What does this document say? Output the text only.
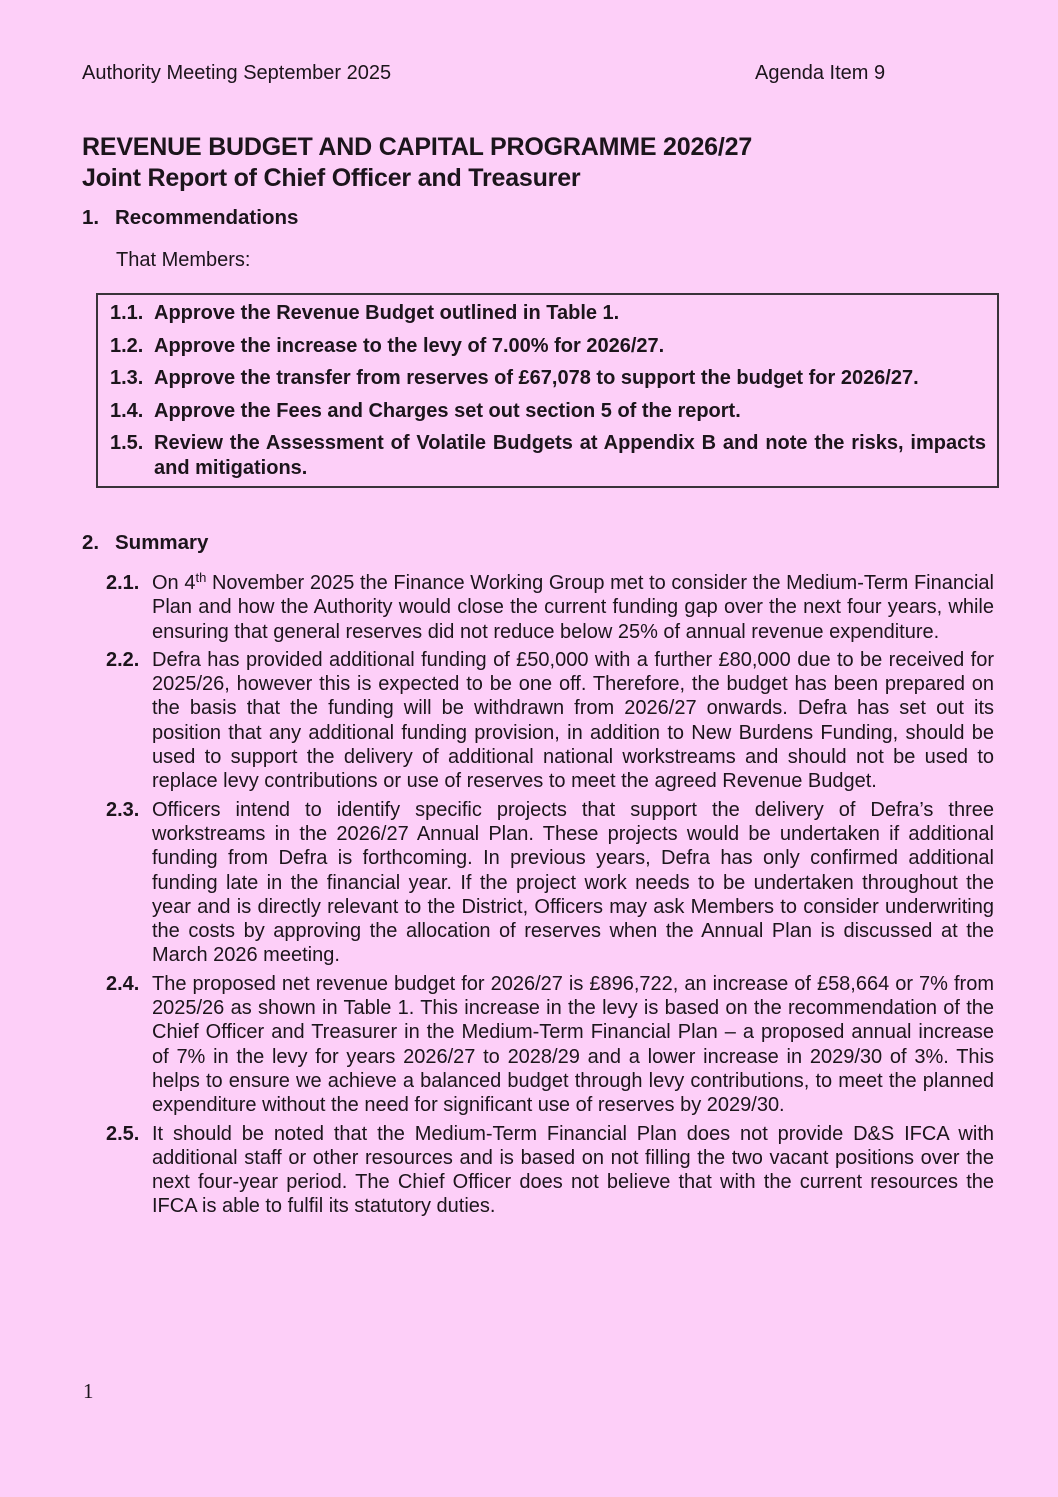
Authority Meeting September 2025	Agenda Item 9
REVENUE BUDGET AND CAPITAL PROGRAMME 2026/27
Joint Report of Chief Officer and Treasurer
1. Recommendations
That Members:
1.1. Approve the Revenue Budget outlined in Table 1.
1.2. Approve the increase to the levy of 7.00% for 2026/27.
1.3. Approve the transfer from reserves of £67,078 to support the budget for 2026/27.
1.4. Approve the Fees and Charges set out section 5 of the report.
1.5. Review the Assessment of Volatile Budgets at Appendix B and note the risks, impacts and mitigations.
2. Summary
2.1. On 4th November 2025 the Finance Working Group met to consider the Medium-Term Financial Plan and how the Authority would close the current funding gap over the next four years, while ensuring that general reserves did not reduce below 25% of annual revenue expenditure.
2.2. Defra has provided additional funding of £50,000 with a further £80,000 due to be received for 2025/26, however this is expected to be one off. Therefore, the budget has been prepared on the basis that the funding will be withdrawn from 2026/27 onwards. Defra has set out its position that any additional funding provision, in addition to New Burdens Funding, should be used to support the delivery of additional national workstreams and should not be used to replace levy contributions or use of reserves to meet the agreed Revenue Budget.
2.3. Officers intend to identify specific projects that support the delivery of Defra’s three workstreams in the 2026/27 Annual Plan. These projects would be undertaken if additional funding from Defra is forthcoming. In previous years, Defra has only confirmed additional funding late in the financial year. If the project work needs to be undertaken throughout the year and is directly relevant to the District, Officers may ask Members to consider underwriting the costs by approving the allocation of reserves when the Annual Plan is discussed at the March 2026 meeting.
2.4. The proposed net revenue budget for 2026/27 is £896,722, an increase of £58,664 or 7% from 2025/26 as shown in Table 1. This increase in the levy is based on the recommendation of the Chief Officer and Treasurer in the Medium-Term Financial Plan – a proposed annual increase of 7% in the levy for years 2026/27 to 2028/29 and a lower increase in 2029/30 of 3%. This helps to ensure we achieve a balanced budget through levy contributions, to meet the planned expenditure without the need for significant use of reserves by 2029/30.
2.5. It should be noted that the Medium-Term Financial Plan does not provide D&S IFCA with additional staff or other resources and is based on not filling the two vacant positions over the next four-year period. The Chief Officer does not believe that with the current resources the IFCA is able to fulfil its statutory duties.
1
